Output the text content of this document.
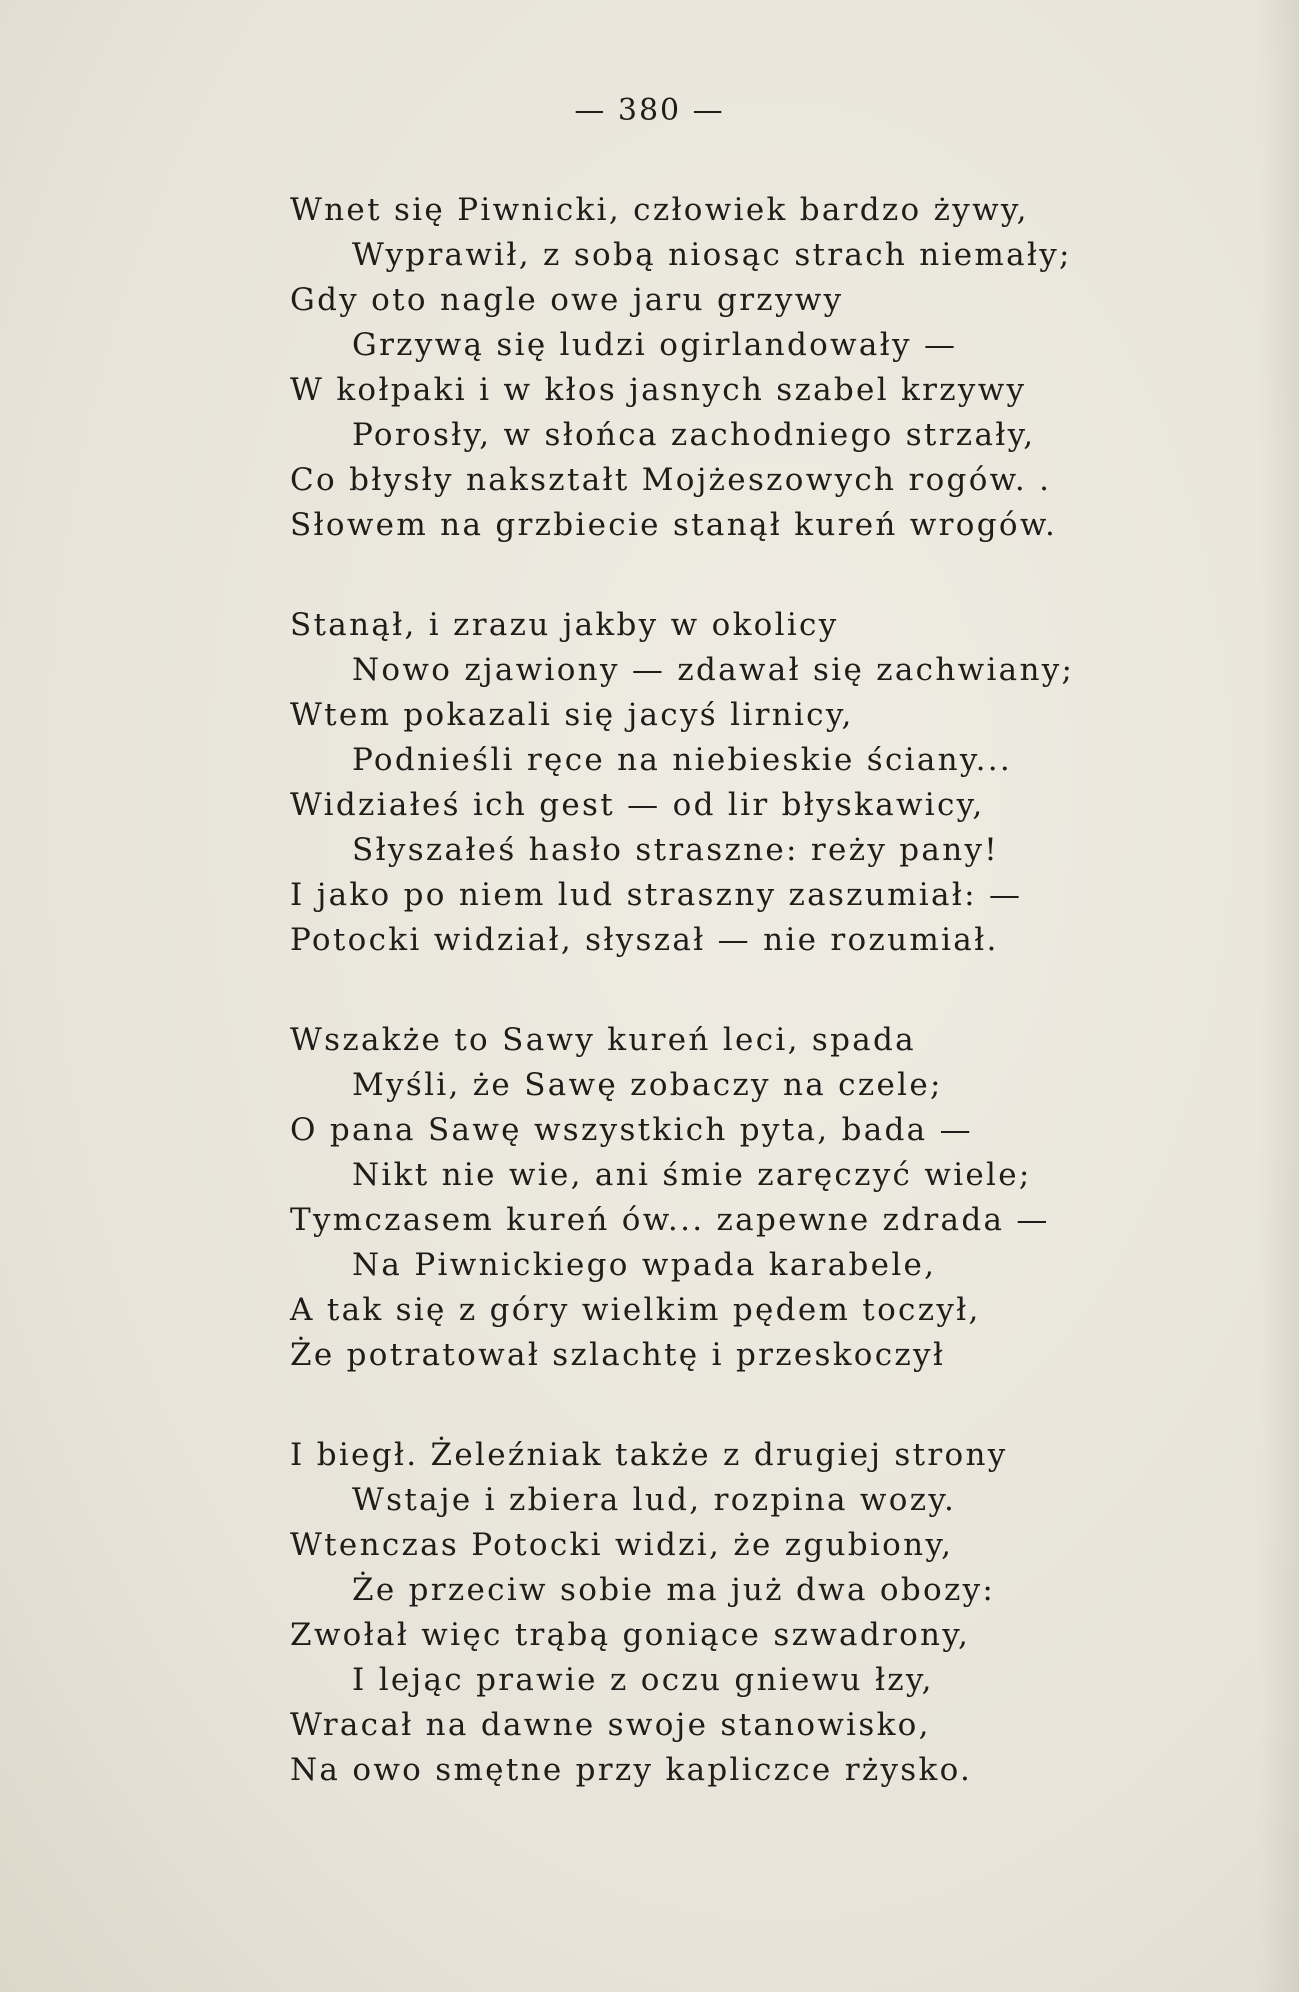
— 380 —
Wnet się Piwnicki, człowiek bardzo żywy,
Wyprawił, z sobą niosąc strach niemały;
Gdy oto nagle owe jaru grzywy
Grzywą się ludzi ogirlandowały —
W kołpaki i w kłos jasnych szabel krzywy
Porosły, w słońca zachodniego strzały,
Co błysły nakształt Mojżeszowych rogów. .
Słowem na grzbiecie stanął kureń wrogów.
Stanął, i zrazu jakby w okolicy
Nowo zjawiony — zdawał się zachwiany;
Wtem pokazali się jacyś lirnicy,
Podnieśli ręce na niebieskie ściany...
Widziałeś ich gest — od lir błyskawicy,
Słyszałeś hasło straszne: reży pany!
I jako po niem lud straszny zaszumiał: —
Potocki widział, słyszał — nie rozumiał.
Wszakże to Sawy kureń leci, spada
Myśli, że Sawę zobaczy na czele;
O pana Sawę wszystkich pyta, bada —
Nikt nie wie, ani śmie zaręczyć wiele;
Tymczasem kureń ów... zapewne zdrada —
Na Piwnickiego wpada karabele,
A tak się z góry wielkim pędem toczył,
Że potratował szlachtę i przeskoczył
I biegł. Żeleźniak także z drugiej strony
Wstaje i zbiera lud, rozpina wozy.
Wtenczas Potocki widzi, że zgubiony,
Że przeciw sobie ma już dwa obozy:
Zwołał więc trąbą goniące szwadrony,
I lejąc prawie z oczu gniewu łzy,
Wracał na dawne swoje stanowisko,
Na owo smętne przy kapliczce rżysko.
